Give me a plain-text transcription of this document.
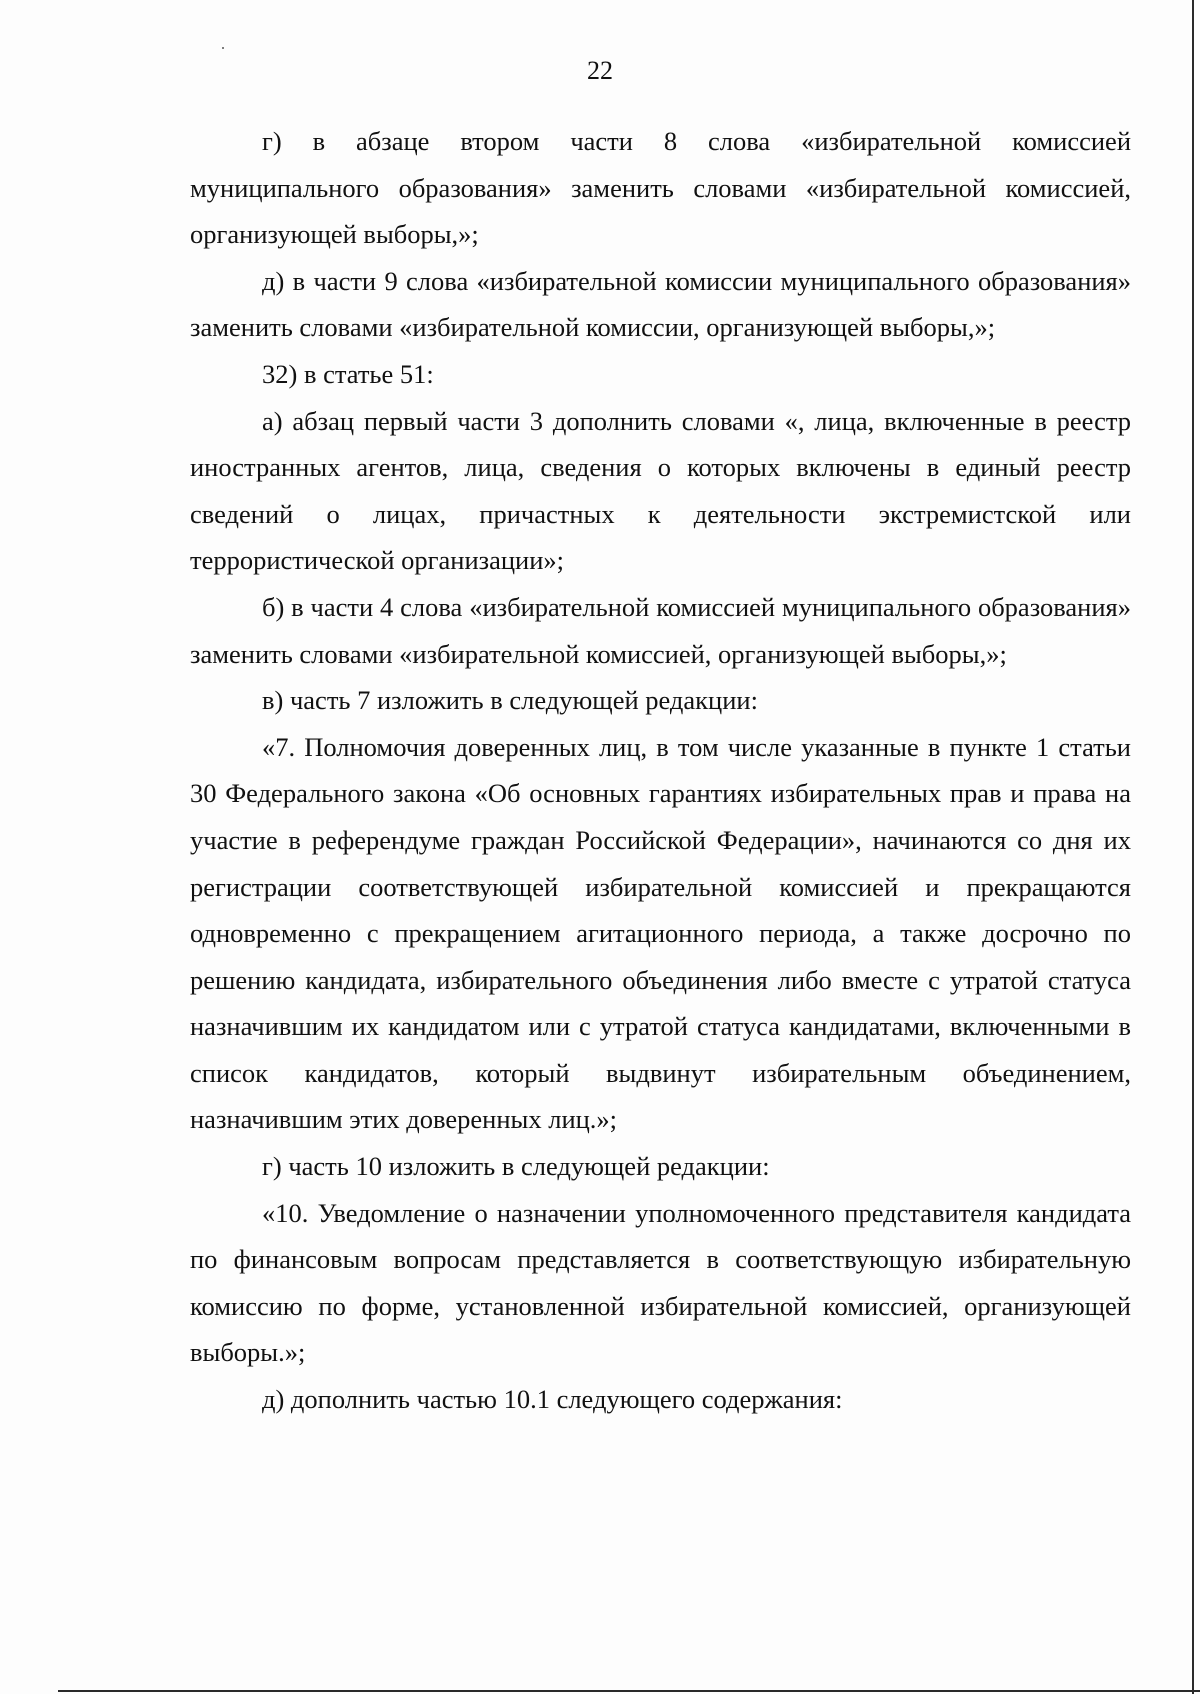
22

г) в абзаце втором части 8 слова «избирательной комиссией муниципального образования» заменить словами «избирательной комиссией, организующей выборы,»;

д) в части 9 слова «избирательной комиссии муниципального образования» заменить словами «избирательной комиссии, организующей выборы,»;

32) в статье 51:

а) абзац первый части 3 дополнить словами «, лица, включенные в реестр иностранных агентов, лица, сведения о которых включены в единый реестр сведений о лицах, причастных к деятельности экстремистской или террористической организации»;

б) в части 4 слова «избирательной комиссией муниципального образования» заменить словами «избирательной комиссией, организующей выборы,»;

в) часть 7 изложить в следующей редакции:

«7. Полномочия доверенных лиц, в том числе указанные в пункте 1 статьи 30 Федерального закона «Об основных гарантиях избирательных прав и права на участие в референдуме граждан Российской Федерации», начинаются со дня их регистрации соответствующей избирательной комиссией и прекращаются одновременно с прекращением агитационного периода, а также досрочно по решению кандидата, избирательного объединения либо вместе с утратой статуса назначившим их кандидатом или с утратой статуса кандидатами, включенными в список кандидатов, который выдвинут избирательным объединением, назначившим этих доверенных лиц.»;

г) часть 10 изложить в следующей редакции:

«10. Уведомление о назначении уполномоченного представителя кандидата по финансовым вопросам представляется в соответствующую избирательную комиссию по форме, установленной избирательной комиссией, организующей выборы.»;

д) дополнить частью 10.1 следующего содержания:
